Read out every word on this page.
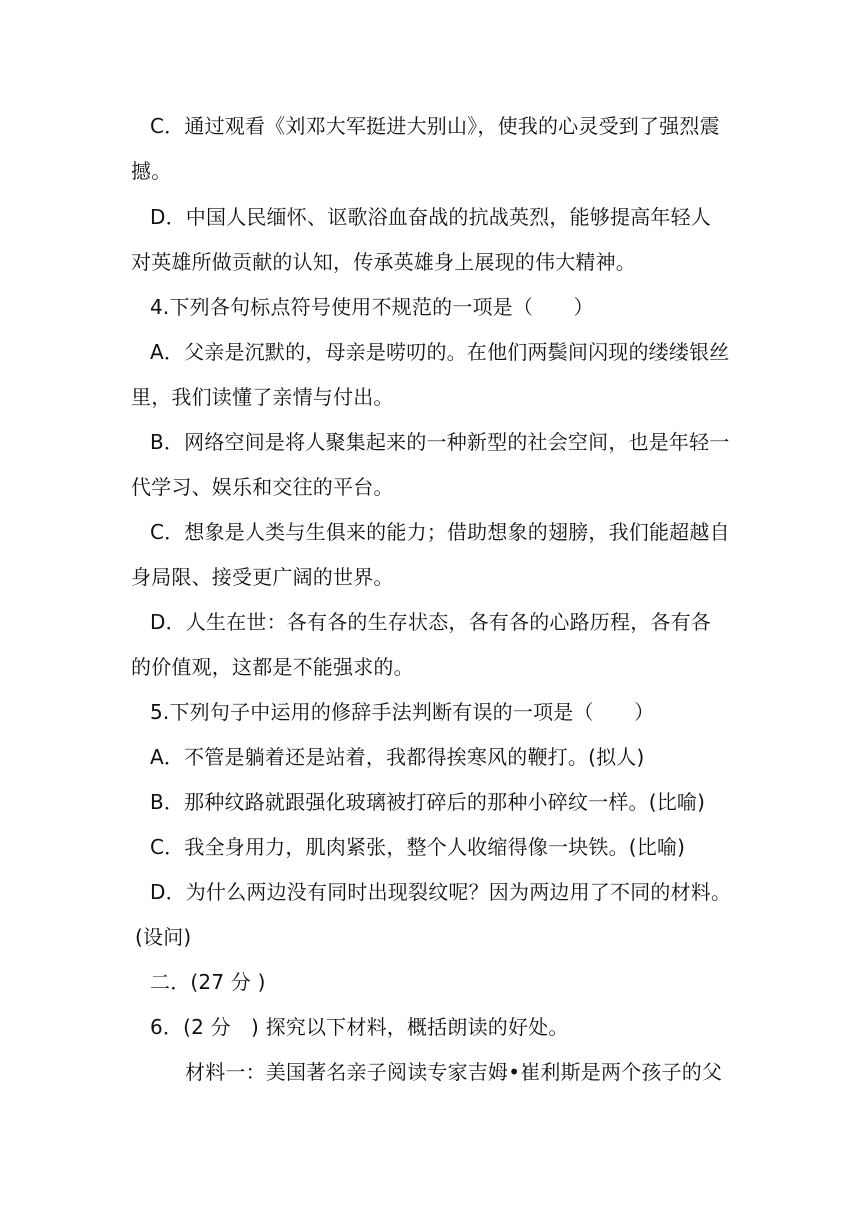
C．通过观看《刘邓大军挺进大别山》，使我的心灵受到了强烈震
撼。
D．中国人民缅怀、讴歌浴血奋战的抗战英烈，能够提高年轻人
对英雄所做贡献的认知，传承英雄身上展现的伟大精神。
4.下列各句标点符号使用不规范的一项是（　　）
A．父亲是沉默的，母亲是唠叨的。在他们两鬓间闪现的缕缕银丝
里，我们读懂了亲情与付出。
B．网络空间是将人聚集起来的一种新型的社会空间，也是年轻一
代学习、娱乐和交往的平台。
C．想象是人类与生俱来的能力；借助想象的翅膀，我们能超越自
身局限、接受更广阔的世界。
D．人生在世：各有各的生存状态，各有各的心路历程，各有各
的价值观，这都是不能强求的。
5.下列句子中运用的修辞手法判断有误的一项是（　　）
A．不管是躺着还是站着，我都得挨寒风的鞭打。(拟人)
B．那种纹路就跟强化玻璃被打碎后的那种小碎纹一样。(比喻)
C．我全身用力，肌肉紧张，整个人收缩得像一块铁。(比喻)
D．为什么两边没有同时出现裂纹呢？因为两边用了不同的材料。
(设问)
二．(27 分 )
6．(2 分　) 探究以下材料，概括朗读的好处。
材料一：美国著名亲子阅读专家吉姆•崔利斯是两个孩子的父
